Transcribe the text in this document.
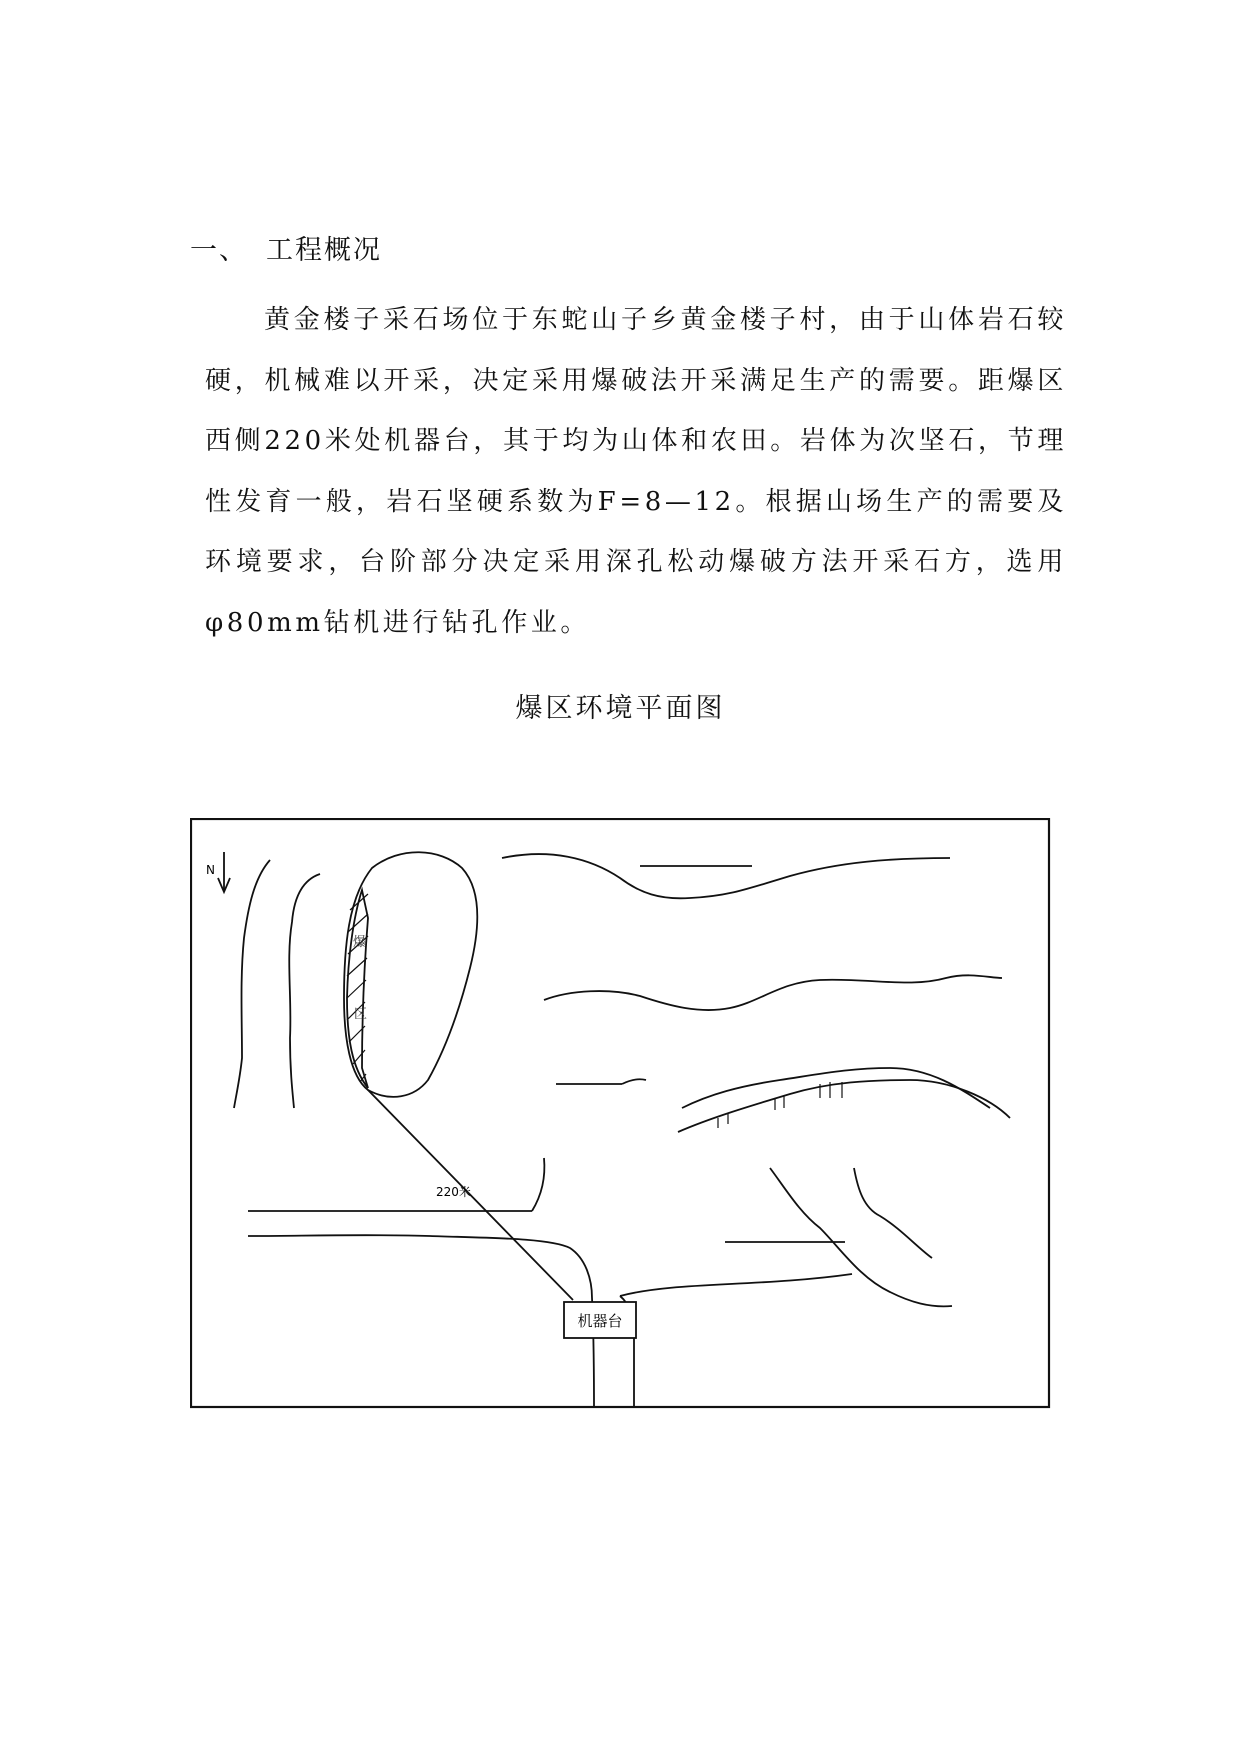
一、 工程概况
黄金楼子采石场位于东蛇山子乡黄金楼子村，由于山体岩石较硬，机械难以开采，决定采用爆破法开采满足生产的需要。距爆区西侧220米处机器台，其于均为山体和农田。岩体为次坚石，节理性发育一般，岩石坚硬系数为F=8—12。根据山场生产的需要及环境要求，台阶部分决定采用深孔松动爆破方法开采石方，选用φ80mm钻机进行钻孔作业。
爆区环境平面图
N
爆
区
220米
机器台
